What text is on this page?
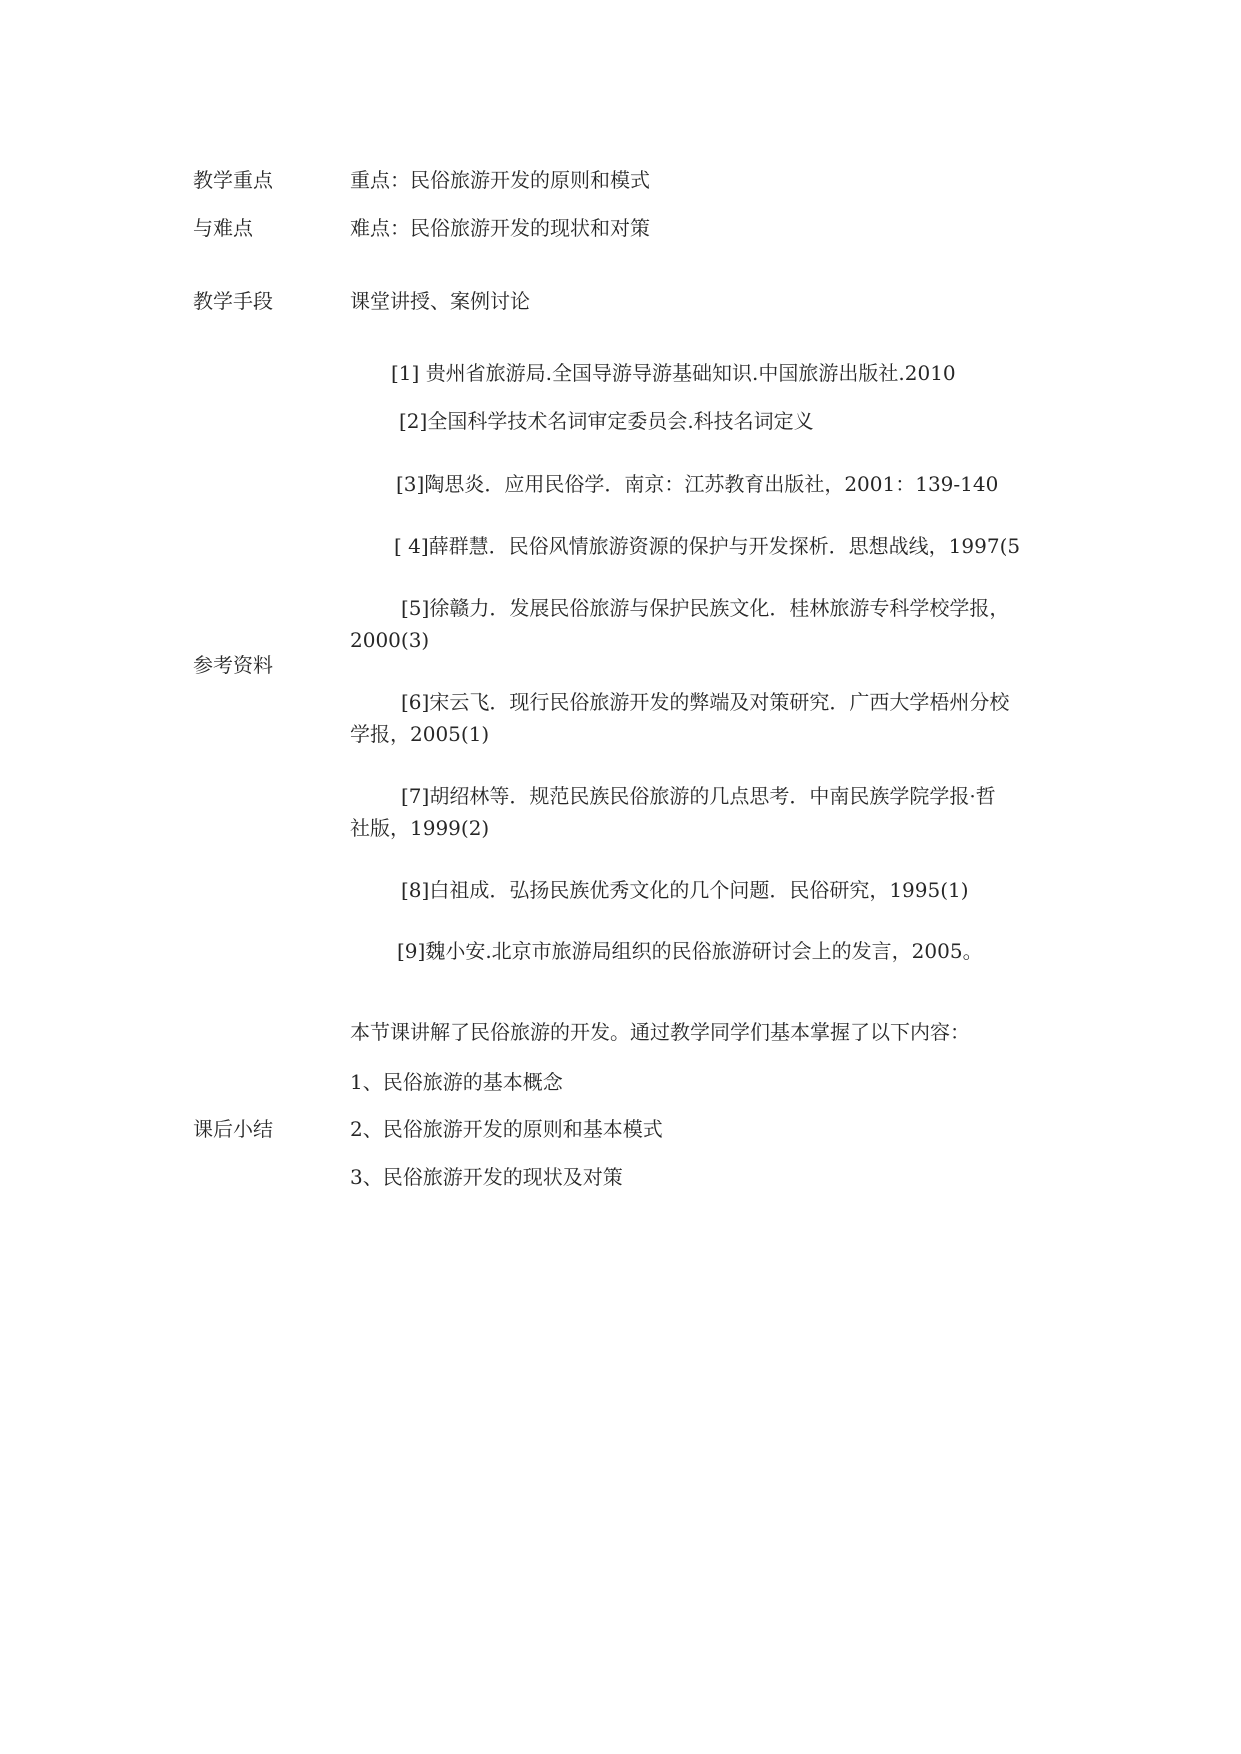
教学重点	重点：民俗旅游开发的原则和模式
与难点	难点：民俗旅游开发的现状和对策
教学手段	课堂讲授、案例讨论
参考资料
[1] 贵州省旅游局.全国导游导游基础知识.中国旅游出版社.2010
[2]全国科学技术名词审定委员会.科技名词定义
[3]陶思炎．应用民俗学．南京：江苏教育出版社，2001：139-140
[ 4]薛群慧．民俗风情旅游资源的保护与开发探析．思想战线，1997(5
[5]徐赣力．发展民俗旅游与保护民族文化．桂林旅游专科学校学报，
2000(3)
[6]宋云飞．现行民俗旅游开发的弊端及对策研究．广西大学梧州分校
学报，2005(1)
[7]胡绍林等．规范民族民俗旅游的几点思考．中南民族学院学报·哲
社版，1999(2)
[8]白祖成．弘扬民族优秀文化的几个问题．民俗研究，1995(1)
[9]魏小安.北京市旅游局组织的民俗旅游研讨会上的发言，2005。
本节课讲解了民俗旅游的开发。通过教学同学们基本掌握了以下内容：
1、民俗旅游的基本概念
课后小结	2、民俗旅游开发的原则和基本模式
3、民俗旅游开发的现状及对策
